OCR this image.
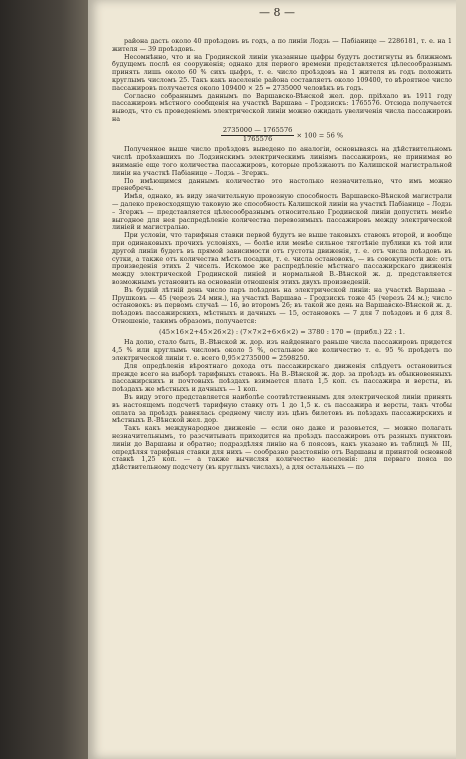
— 8 —

района дасть около 40 проѣздовъ въ годъ, а по линіи Лодзь — Пабіаницe — 2286181, т. е. на 1 жителя — 39 проѣздовъ.

Несомнѣнно, что и на Гродинской линіи указанные цыфры будутъ достигнуты въ ближномъ будущемъ послѣ ея сооруженія; однако для первого времени представляется цѣлесообразнымъ принять лишь около 60 % сихъ цыфръ, т. е. число проѣздовъ на 1 жителя въ годъ положить круглымъ числомъ 25. Такъ какъ населеніе района составляетъ около 109400, то вѣроятное число пассажировъ получается около 109400 × 25 = 2735000 человѣкъ въ годъ.

Согласно собраннымъ даннымъ по Варшавско-Вѣнской жел. дор. пріѣхало въ 1911 году пассажировъ мѣстного сообщенія на участкѣ Варшава – Гродзискъ: 1765576. Отсюда получается выводъ, что съ проведеніемъ электрической линіи можно ожидать увеличенія числа пассажировъ на

$\frac{2735000 — 1765576}{1765576} \times 100 = 56$ %

Полученное выше число проѣздовъ выведено по аналогіи, основываясь на дѣйствительномъ числѣ проѣхавшихъ по Лодзинскимъ электрическимъ линіямъ пассажировъ, не принимая во вниманіе еще того количества пассажировъ, которые проѣзжаютъ по Калишской магистральной линіи на участкѣ Пабіаницe – Лодзь – Згержъ.

По имѣющимся даннымъ количество это настолько незначительно, что имъ можно пренебречь.

Имѣя, однако, въ виду значительную провозную способность Варшавско-Вѣнской магистрали — далеко превосходящую таковую же способность Калишской линіи на участкѣ Пабіаницe – Лодзь – Згержъ — представляется цѣлесообразнымъ относительно Гродинской линіи допустить менѣе выгодное для нея распредѣленіе количества перевозимыхъ пассажировъ между электрической линіей и магистралью.

При условіи, что тарифныя ставки первой будутъ не выше таковыхъ ставокъ второй, и вообще при одинаковыхъ прочихъ условіяхъ, — болѣе или менѣе сильное тяготѣніе публики къ той или другой линіи будетъ въ прямой зависимости отъ густоты движенія, т. е. отъ числа поѣздовъ въ сутки, а также отъ количества мѣстъ посадки, т. е. числа остановокъ, — въ совокупности же: отъ произведенія этихъ 2 чиселъ. Искомое же распредѣленіе мѣстнаго пассажирскаго движенія между электрической Гродинской линіей и нормальной В.-Вѣнской ж. д. представляется возможнымъ установить на основаніи отношенія этихъ двухъ произведеній.

Въ будній лѣтній день число паръ поѣздовъ на электрической линіи: на участкѣ Варшава – Прушковъ — 45 (черезъ 24 мин.), на участкѣ Варшава – Гродзискъ тоже 45 (черезъ 24 м.); число остановокъ: въ первомъ случаѣ — 16, во второмъ 26; въ такой же день на Варшавско-Вѣнской ж. д. поѣздовъ пассажирскихъ, мѣстныхъ и дачныхъ — 15, остановокъ — 7 для 7 поѣздовъ и 6 для 8. Отношеніе, такимъ образомъ, получается:

(45×16×2+45×26×2) : (7×7×2+6×6×2) = 3780 : 170 = (прибл.) 22 : 1.

На долю, стало быть, В.-Вѣнской ж. дор. изъ найденнаго раньше числа пассажировъ придется 4,5 % или круглымъ числомъ около 5 %, остальное же количество т. е. 95 % проѣдетъ по электрической линіи т. е. всего 0,95×2735000 = 2598250.

Для опредѣленія вѣроятнаго дохода отъ пассажирскаго движенія слѣдуетъ остановиться прежде всего на выборѣ тарифныхъ ставокъ. На В.-Вѣнской ж. дор. за проѣздъ въ обыкновенныхъ пассажирскихъ и почтовыхъ поѣздахъ взимается плата 1,5 коп. съ пассажира и версты, въ поѣздахъ же мѣстныхъ и дачныхъ — 1 коп.

Въ виду этого представляется наиболѣе соотвѣтственнымъ для электрической линіи принять въ настоящемъ подсчетѣ тарифную ставку отъ 1 до 1,5 к. съ пассажира и версты, такъ чтобы оплата за проѣздъ равнялась среднему числу изъ цѣнъ билетовъ въ поѣздахъ пассажирскихъ и мѣстныхъ В.-Вѣнской жел. дор.

Такъ какъ международное движеніе — если оно даже и разовьется, — можно полагать незначительнымъ, то разсчитывать приходится на проѣздъ пассажировъ отъ разныхъ пунктовъ линіи до Варшавы и обратно; подраздѣляя линію на 6 поясовъ, какъ указано въ таблицѣ № III, опредѣляя тарифныя ставки для нихъ — сообразно разстоянію отъ Варшавы и принятой основной ставкѣ 1,25 коп. — а также вычисляя количество населенія: для перваго пояса по дѣйствительному подсчету (въ круглыхъ числахъ), а для остальныхъ — по
